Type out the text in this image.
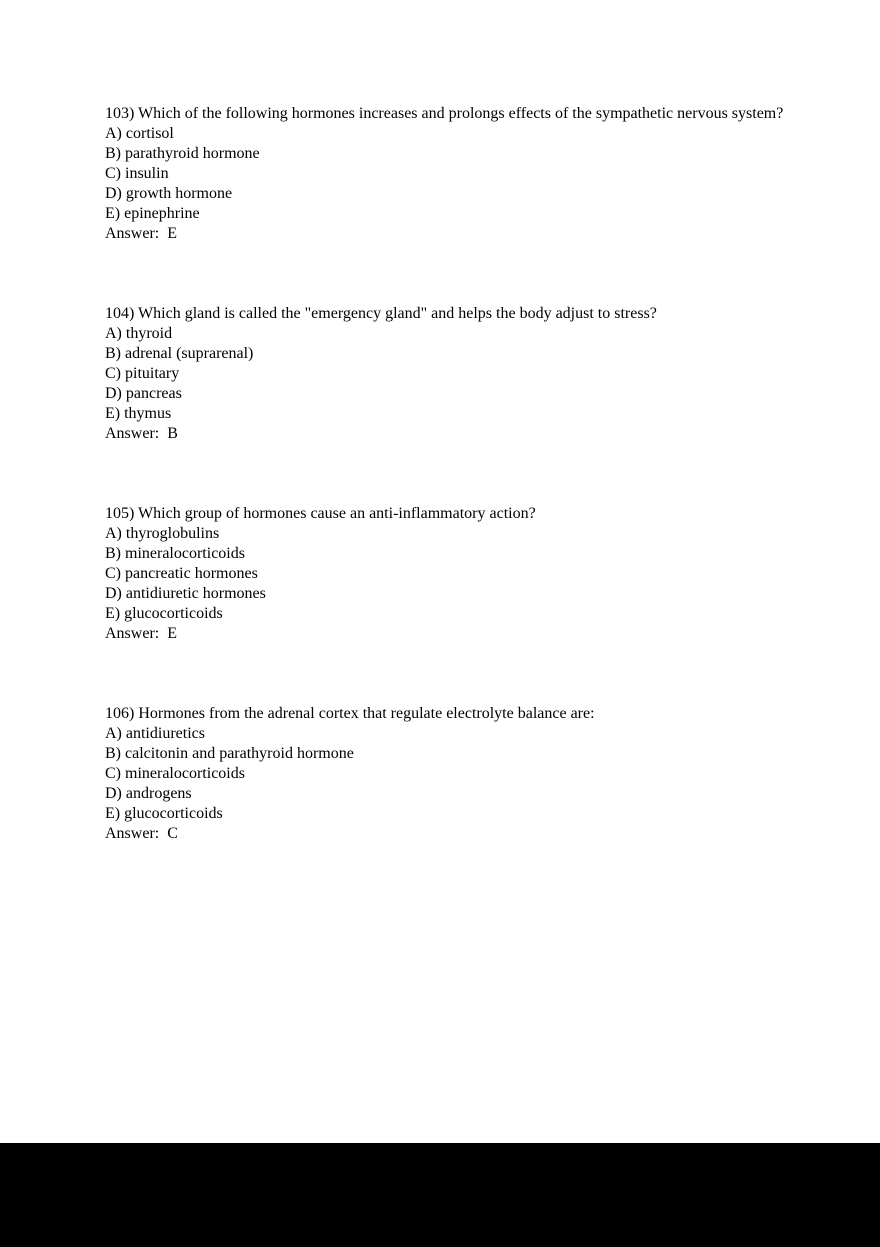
103) Which of the following hormones increases and prolongs effects of the sympathetic nervous system?
A) cortisol
B) parathyroid hormone
C) insulin
D) growth hormone
E) epinephrine
Answer:  E
104) Which gland is called the "emergency gland" and helps the body adjust to stress?
A) thyroid
B) adrenal (suprarenal)
C) pituitary
D) pancreas
E) thymus
Answer:  B
105) Which group of hormones cause an anti-inflammatory action?
A) thyroglobulins
B) mineralocorticoids
C) pancreatic hormones
D) antidiuretic hormones
E) glucocorticoids
Answer:  E
106) Hormones from the adrenal cortex that regulate electrolyte balance are:
A) antidiuretics
B) calcitonin and parathyroid hormone
C) mineralocorticoids
D) androgens
E) glucocorticoids
Answer:  C
